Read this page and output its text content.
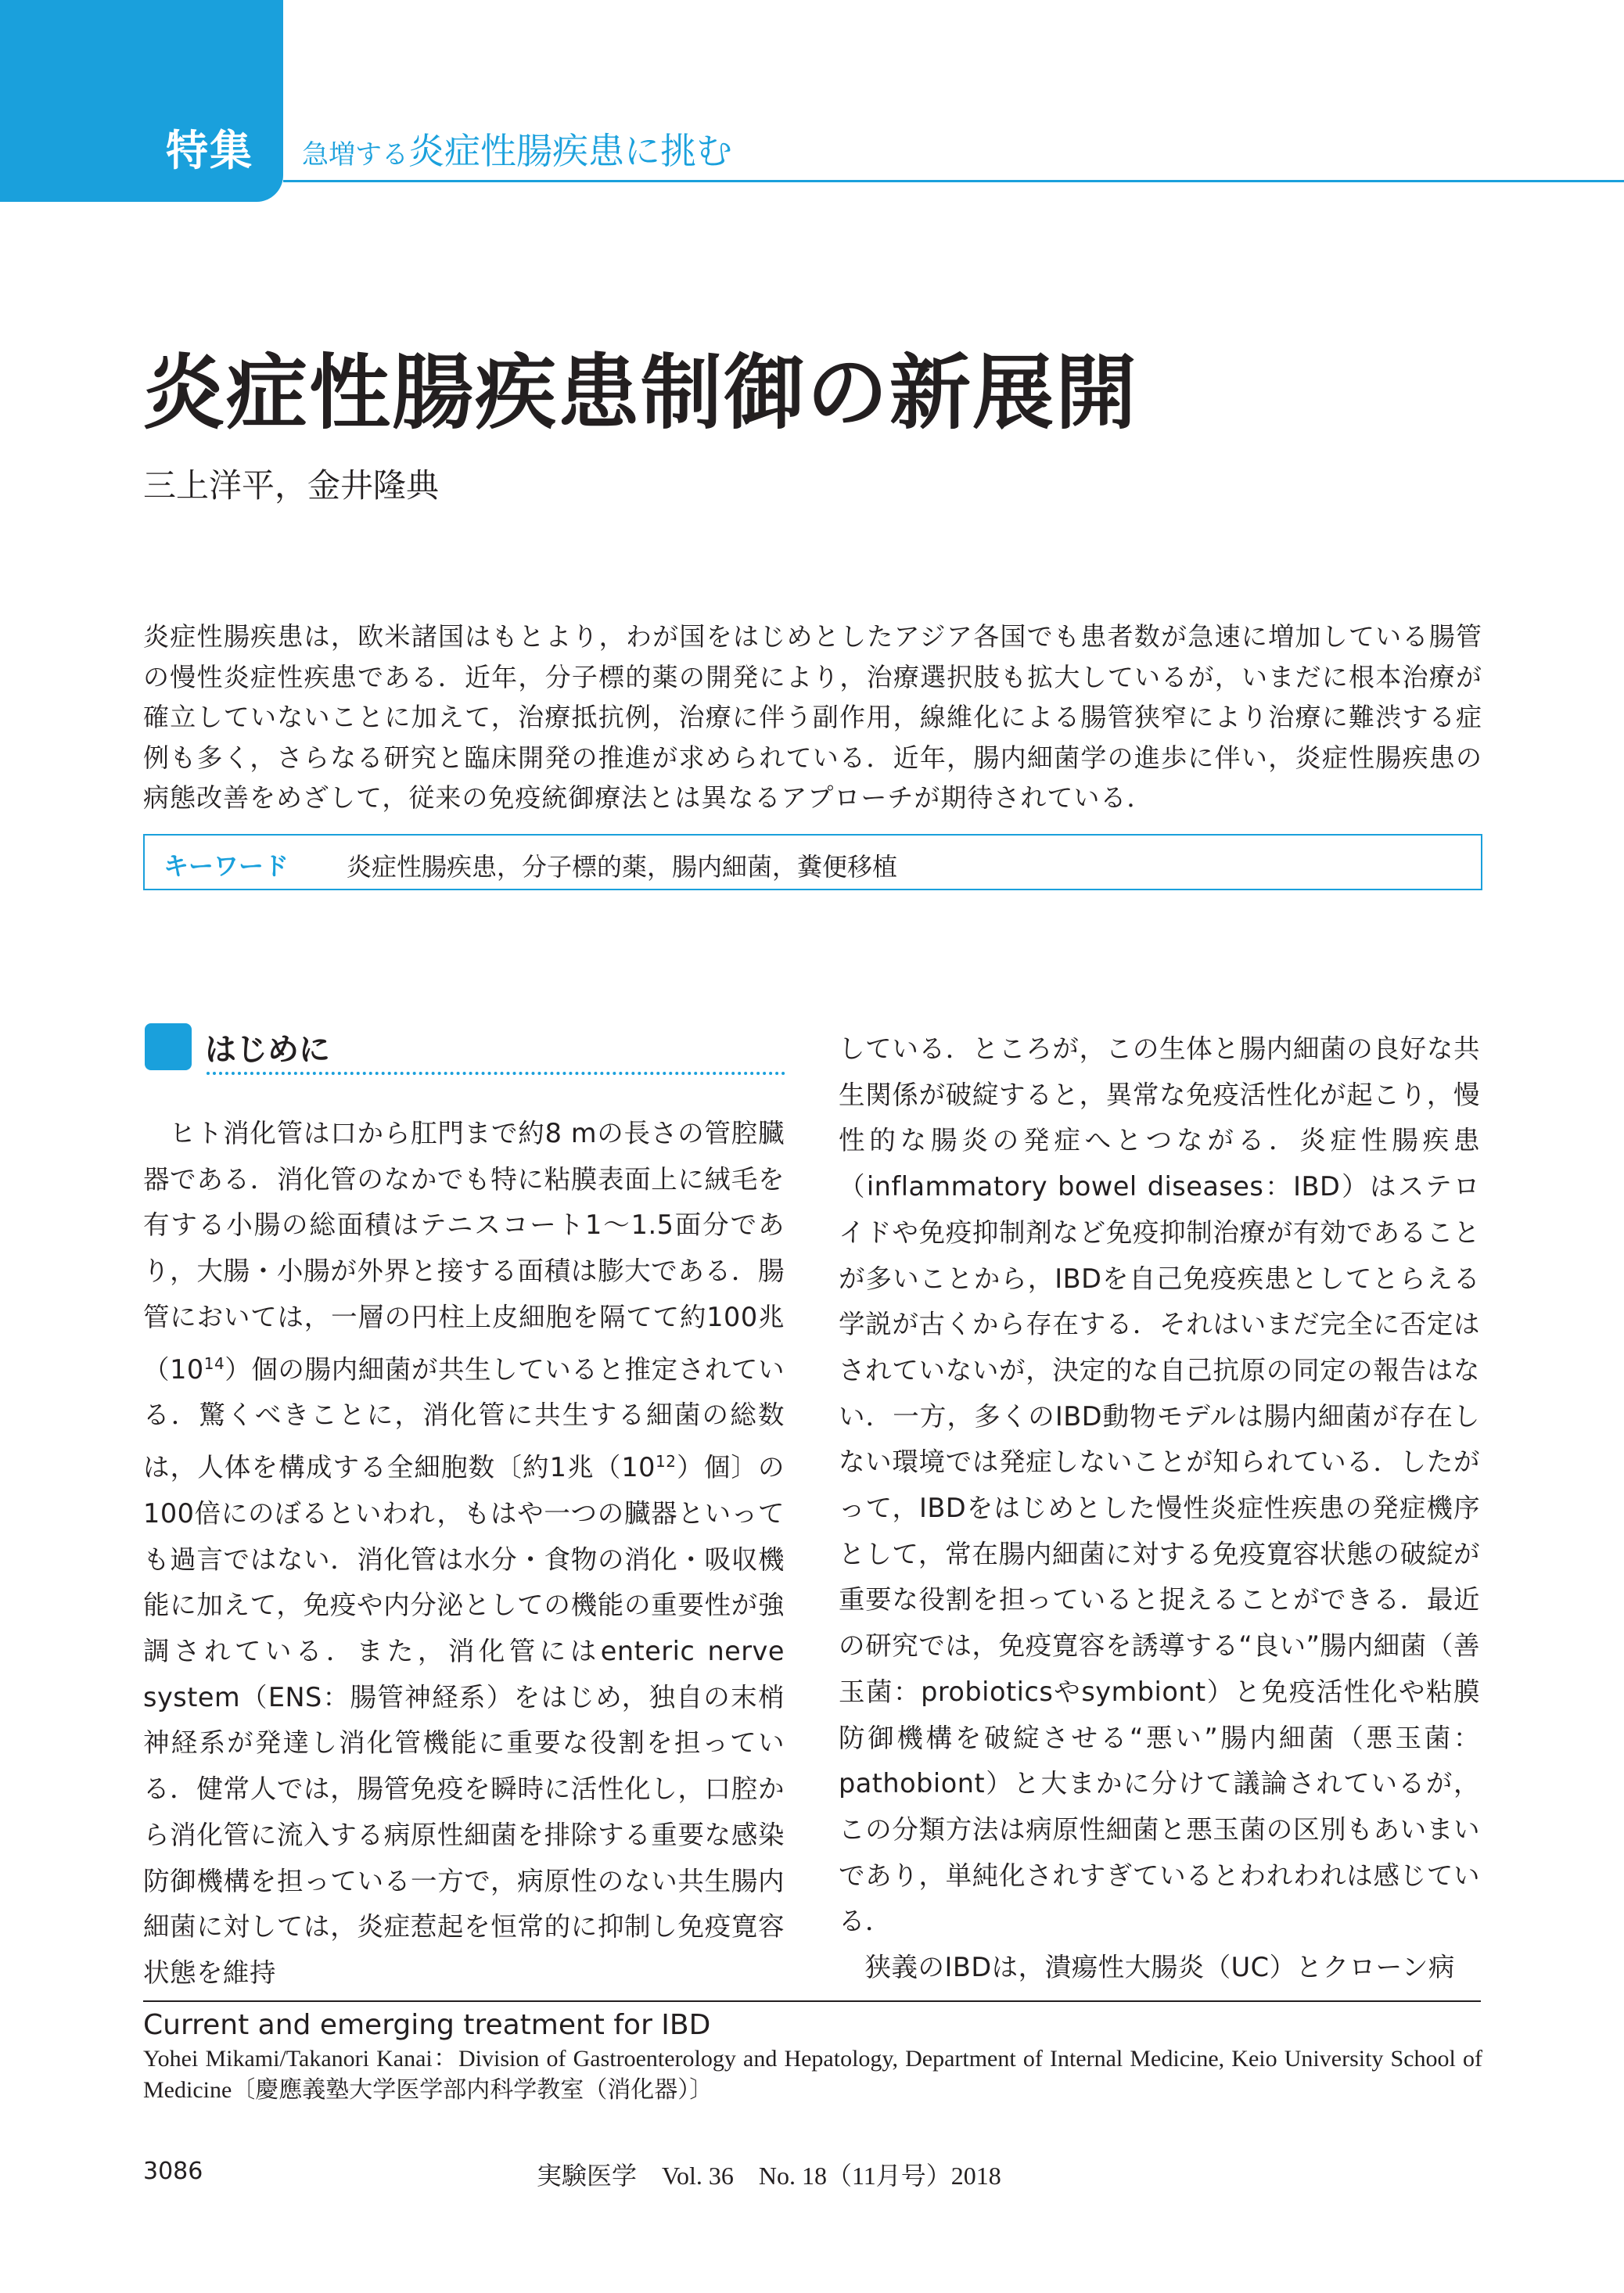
特集 急増する炎症性腸疾患に挑む
炎症性腸疾患制御の新展開
三上洋平，金井隆典
炎症性腸疾患は，欧米諸国はもとより，わが国をはじめとしたアジア各国でも患者数が急速に増加している腸管の慢性炎症性疾患である．近年，分子標的薬の開発により，治療選択肢も拡大しているが，いまだに根本治療が確立していないことに加えて，治療抵抗例，治療に伴う副作用，線維化による腸管狭窄により治療に難渋する症例も多く，さらなる研究と臨床開発の推進が求められている．近年，腸内細菌学の進歩に伴い，炎症性腸疾患の病態改善をめざして，従来の免疫統御療法とは異なるアプローチが期待されている．
キーワード 炎症性腸疾患，分子標的薬，腸内細菌，糞便移植
はじめに

ヒト消化管は口から肛門まで約8 mの長さの管腔臓器である．消化管のなかでも特に粘膜表面上に絨毛を有する小腸の総面積はテニスコート1～1.5面分であり，大腸・小腸が外界と接する面積は膨大である．腸管においては，一層の円柱上皮細胞を隔てて約100兆$(10^{14})$個の腸内細菌が共生していると推定されている．驚くべきことに，消化管に共生する細菌の総数は，人体を構成する全細胞数〔約1兆$(10^{12})$個〕の100倍にのぼるといわれ，もはや一つの臓器といっても過言ではない．消化管は水分・食物の消化・吸収機能に加えて，免疫や内分泌としての機能の重要性が強調されている．また，消化管にはenteric nerve system（ENS：腸管神経系）をはじめ，独自の末梢神経系が発達し消化管機能に重要な役割を担っている．健常人では，腸管免疫を瞬時に活性化し，口腔から消化管に流入する病原性細菌を排除する重要な感染防御機構を担っている一方で，病原性のない共生腸内細菌に対しては，炎症惹起を恒常的に抑制し免疫寛容状態を維持

している．ところが，この生体と腸内細菌の良好な共生関係が破綻すると，異常な免疫活性化が起こり，慢性的な腸炎の発症へとつながる．炎症性腸疾患（inflammatory bowel diseases：IBD）はステロイドや免疫抑制剤など免疫抑制治療が有効であることが多いことから，IBDを自己免疫疾患としてとらえる学説が古くから存在する．それはいまだ完全に否定はされていないが，決定的な自己抗原の同定の報告はない．一方，多くのIBD動物モデルは腸内細菌が存在しない環境では発症しないことが知られている．したがって，IBDをはじめとした慢性炎症性疾患の発症機序として，常在腸内細菌に対する免疫寛容状態の破綻が重要な役割を担っていると捉えることができる．最近の研究では，免疫寛容を誘導する“良い”腸内細菌（善玉菌：probioticsやsymbiont）と免疫活性化や粘膜防御機構を破綻させる“悪い”腸内細菌（悪玉菌：pathobiont）と大まかに分けて議論されているが，この分類方法は病原性細菌と悪玉菌の区別もあいまいであり，単純化されすぎているとわれわれは感じている．

狭義のIBDは，潰瘍性大腸炎（UC）とクローン病

Current and emerging treatment for IBD
Yohei Mikami/Takanori Kanai：Division of Gastroenterology and Hepatology, Department of Internal Medicine, Keio University School of Medicine〔慶應義塾大学医学部内科学教室（消化器）〕
3086	実験医学　Vol. 36　No. 18（11月号）2018
